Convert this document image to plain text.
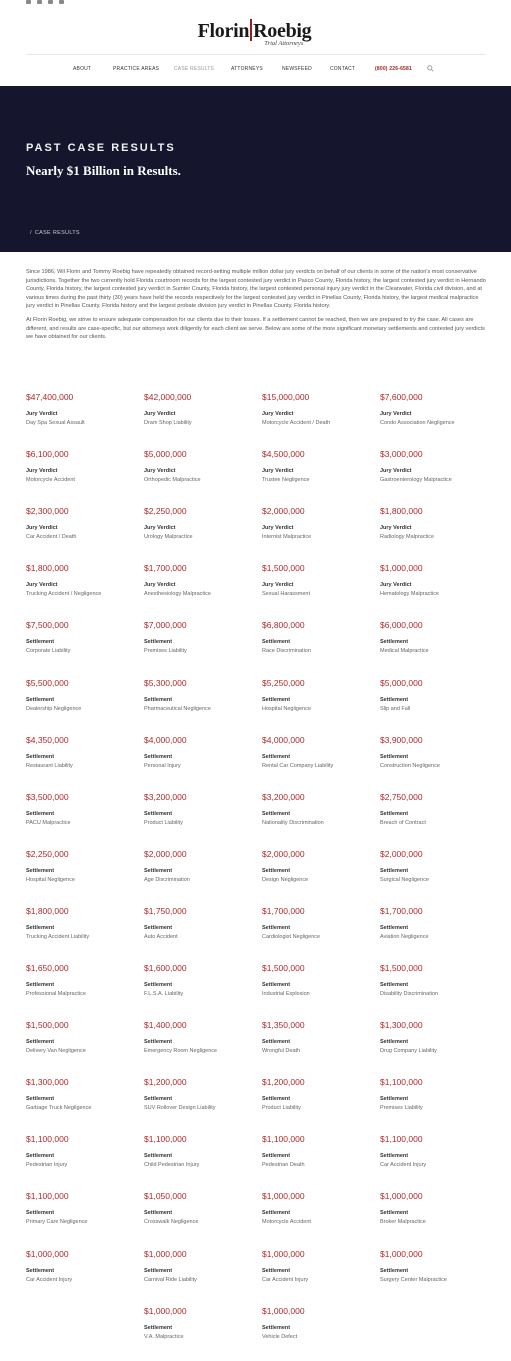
Florin Roebig
Trial Attorneys
ABOUT	PRACTICE AREAS	CASE RESULTS	ATTORNEYS	NEWSFEED	CONTACT	(800) 226-6581
PAST CASE RESULTS
Nearly $1 Billion in Results.
/ CASE RESULTS

Since 1986, Wil Florin and Tommy Roebig have repeatedly obtained record-setting multiple million dollar jury verdicts on behalf of our clients in some of the nation's most conservative jurisdictions. Together the two currently hold Florida courtroom records for the largest contested jury verdict in Pasco County, Florida history, the largest contested jury verdict in Hernando County, Florida history, the largest contested jury verdict in Sumter County, Florida history, the largest contested personal injury jury verdict in the Clearwater, Florida civil division, and at various times during the past thirty (30) years have held the records respectively for the largest contested jury verdict in Pinellas County, Florida history, the largest medical malpractice jury verdict in Pinellas County, Florida history and the largest probate division jury verdict in Pinellas County, Florida history.

At Florin Roebig, we strive to ensure adequate compensation for our clients due to their losses. If a settlement cannot be reached, then we are prepared to try the case. All cases are different, and results are case-specific, but our attorneys work diligently for each client we serve. Below are some of the more significant monetary settlements and contested jury verdicts we have obtained for our clients.

$47,400,000
Jury Verdict
Day Spa Sexual Assault
$42,000,000
Jury Verdict
Dram Shop Liability
$15,000,000
Jury Verdict
Motorcycle Accident / Death
$7,600,000
Jury Verdict
Condo Association Negligence
$6,100,000
Jury Verdict
Motorcycle Accident
$5,000,000
Jury Verdict
Orthopedic Malpractice
$4,500,000
Jury Verdict
Trustee Negligence
$3,000,000
Jury Verdict
Gastroenterology Malpractice
$2,300,000
Jury Verdict
Car Accident / Death
$2,250,000
Jury Verdict
Urology Malpractice
$2,000,000
Jury Verdict
Internist Malpractice
$1,800,000
Jury Verdict
Radiology Malpractice
$1,800,000
Jury Verdict
Trucking Accident / Negligence
$1,700,000
Jury Verdict
Anesthesiology Malpractice
$1,500,000
Jury Verdict
Sexual Harassment
$1,000,000
Jury Verdict
Hematology Malpractice
$7,500,000
Settlement
Corporate Liability
$7,000,000
Settlement
Premises Liability
$6,800,000
Settlement
Race Discrimination
$6,000,000
Settlement
Medical Malpractice
$5,500,000
Settlement
Dealership Negligence
$5,300,000
Settlement
Pharmaceutical Negligence
$5,250,000
Settlement
Hospital Negligence
$5,000,000
Settlement
Slip and Fall
$4,350,000
Settlement
Restaurant Liability
$4,000,000
Settlement
Personal Injury
$4,000,000
Settlement
Rental Car Company Liability
$3,900,000
Settlement
Construction Negligence
$3,500,000
Settlement
PACU Malpractice
$3,200,000
Settlement
Product Liability
$3,200,000
Settlement
Nationality Discrimination
$2,750,000
Settlement
Breach of Contract
$2,250,000
Settlement
Hospital Negligence
$2,000,000
Settlement
Age Discrimination
$2,000,000
Settlement
Design Negligence
$2,000,000
Settlement
Surgical Negligence
$1,800,000
Settlement
Trucking Accident Liability
$1,750,000
Settlement
Auto Accident
$1,700,000
Settlement
Cardiologist Negligence
$1,700,000
Settlement
Aviation Negligence
$1,650,000
Settlement
Professional Malpractice
$1,600,000
Settlement
F.L.S.A. Liability
$1,500,000
Settlement
Industrial Explosion
$1,500,000
Settlement
Disability Discrimination
$1,500,000
Settlement
Delivery Van Negligence
$1,400,000
Settlement
Emergency Room Negligence
$1,350,000
Settlement
Wrongful Death
$1,300,000
Settlement
Drug Company Liability
$1,300,000
Settlement
Garbage Truck Negligence
$1,200,000
Settlement
SUV Rollover Design Liability
$1,200,000
Settlement
Product Liability
$1,100,000
Settlement
Premises Liability
$1,100,000
Settlement
Pedestrian Injury
$1,100,000
Settlement
Child Pedestrian Injury
$1,100,000
Settlement
Pedestrian Death
$1,100,000
Settlement
Car Accident Injury
$1,100,000
Settlement
Primary Care Negligence
$1,050,000
Settlement
Crosswalk Negligence
$1,000,000
Settlement
Motorcycle Accident
$1,000,000
Settlement
Broker Malpractice
$1,000,000
Settlement
Car Accident Injury
$1,000,000
Settlement
Carnival Ride Liability
$1,000,000
Settlement
Car Accident Injury
$1,000,000
Settlement
Surgery Center Malpractice
$1,000,000
Settlement
V.A. Malpractice
$1,000,000
Settlement
Vehicle Defect
